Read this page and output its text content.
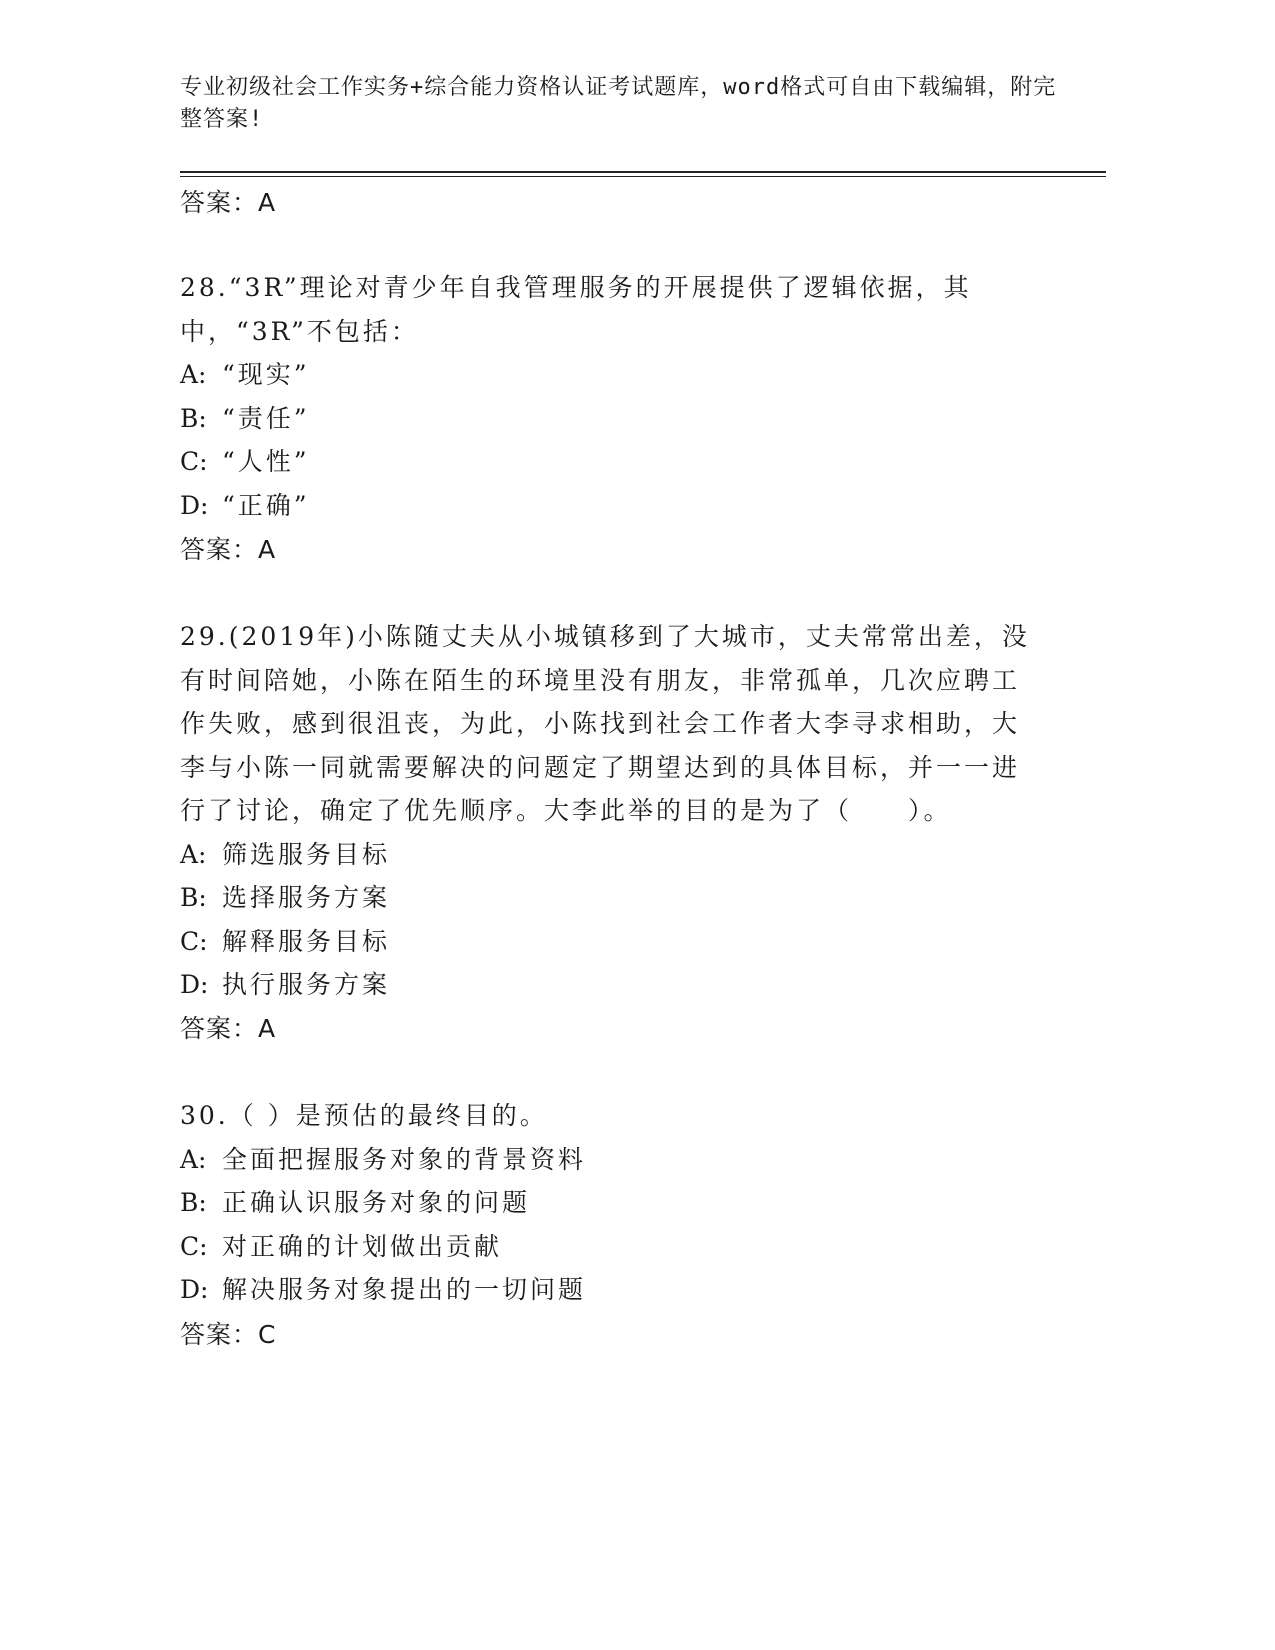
专业初级社会工作实务+综合能力资格认证考试题库，word格式可自由下载编辑，附完整答案!
答案：A
28.“3R”理论对青少年自我管理服务的开展提供了逻辑依据，其中，“3R”不包括：
A: “现实”
B: “责任”
C: “人性”
D: “正确”
答案：A
29.(2019年)小陈随丈夫从小城镇移到了大城市，丈夫常常出差，没有时间陪她，小陈在陌生的环境里没有朋友，非常孤单，几次应聘工作失败，感到很沮丧，为此，小陈找到社会工作者大李寻求相助，大李与小陈一同就需要解决的问题定了期望达到的具体目标，并一一进行了讨论，确定了优先顺序。大李此举的目的是为了（　　）。
A: 筛选服务目标
B: 选择服务方案
C: 解释服务目标
D: 执行服务方案
答案：A
30.（ ）是预估的最终目的。
A: 全面把握服务对象的背景资料
B: 正确认识服务对象的问题
C: 对正确的计划做出贡献
D: 解决服务对象提出的一切问题
答案：C
